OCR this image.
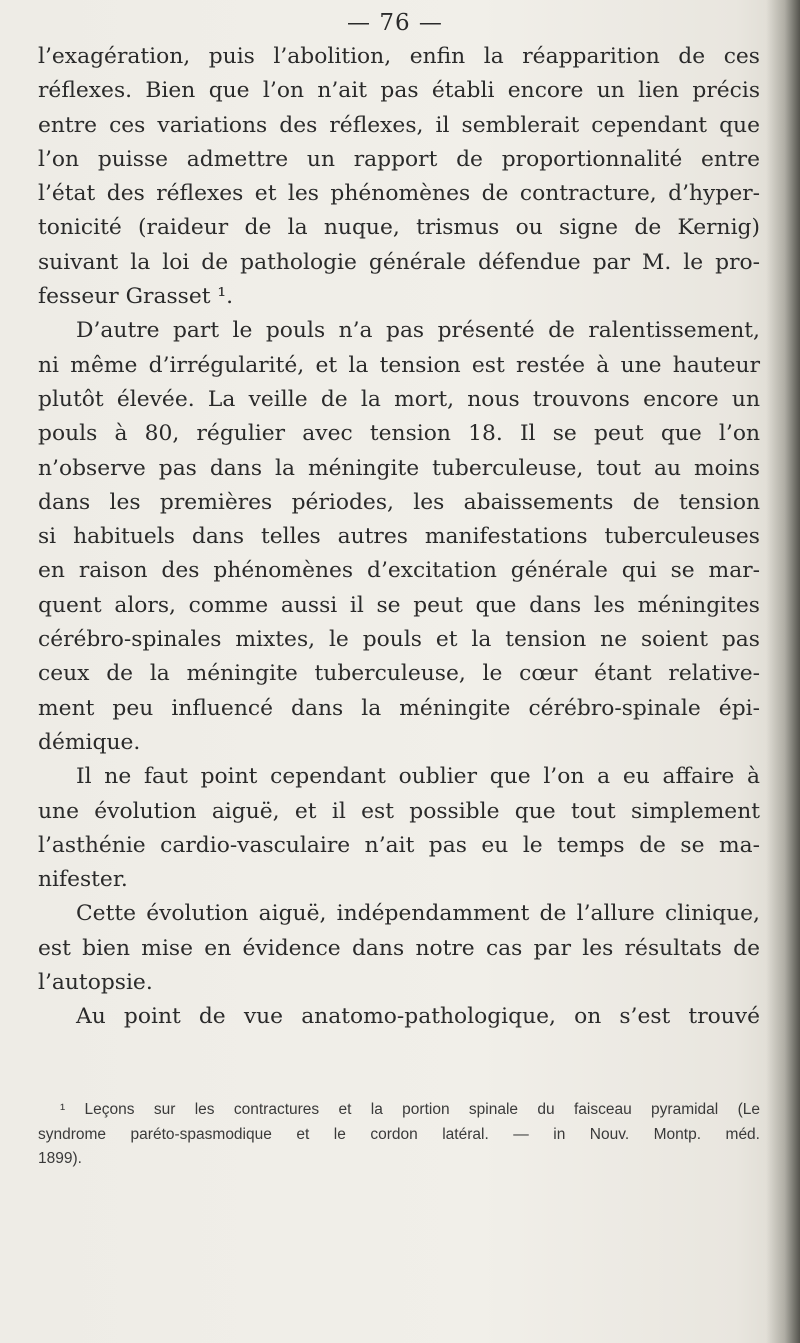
— 76 —
l’exagération, puis l’abolition, enfin la réapparition de ces
réflexes. Bien que l’on n’ait pas établi encore un lien précis
entre ces variations des réflexes, il semblerait cependant que
l’on puisse admettre un rapport de proportionnalité entre
l’état des réflexes et les phénomènes de contracture, d’hyper-
tonicité (raideur de la nuque, trismus ou signe de Kernig)
suivant la loi de pathologie générale défendue par M. le pro-
fesseur Grasset ¹.
D’autre part le pouls n’a pas présenté de ralentissement,
ni même d’irrégularité, et la tension est restée à une hauteur
plutôt élevée. La veille de la mort, nous trouvons encore un
pouls à 80, régulier avec tension 18. Il se peut que l’on
n’observe pas dans la méningite tuberculeuse, tout au moins
dans les premières périodes, les abaissements de tension
si habituels dans telles autres manifestations tuberculeuses
en raison des phénomènes d’excitation générale qui se mar-
quent alors, comme aussi il se peut que dans les méningites
cérébro-spinales mixtes, le pouls et la tension ne soient pas
ceux de la méningite tuberculeuse, le cœur étant relative-
ment peu influencé dans la méningite cérébro-spinale épi-
démique.
Il ne faut point cependant oublier que l’on a eu affaire à
une évolution aiguë, et il est possible que tout simplement
l’asthénie cardio-vasculaire n’ait pas eu le temps de se ma-
nifester.
Cette évolution aiguë, indépendamment de l’allure clinique,
est bien mise en évidence dans notre cas par les résultats de
l’autopsie.
Au point de vue anatomo-pathologique, on s’est trouvé
¹ Leçons sur les contractures et la portion spinale du faisceau pyramidal (Le
syndrome paréto-spasmodique et le cordon latéral. — in Nouv. Montp. méd.
1899).
